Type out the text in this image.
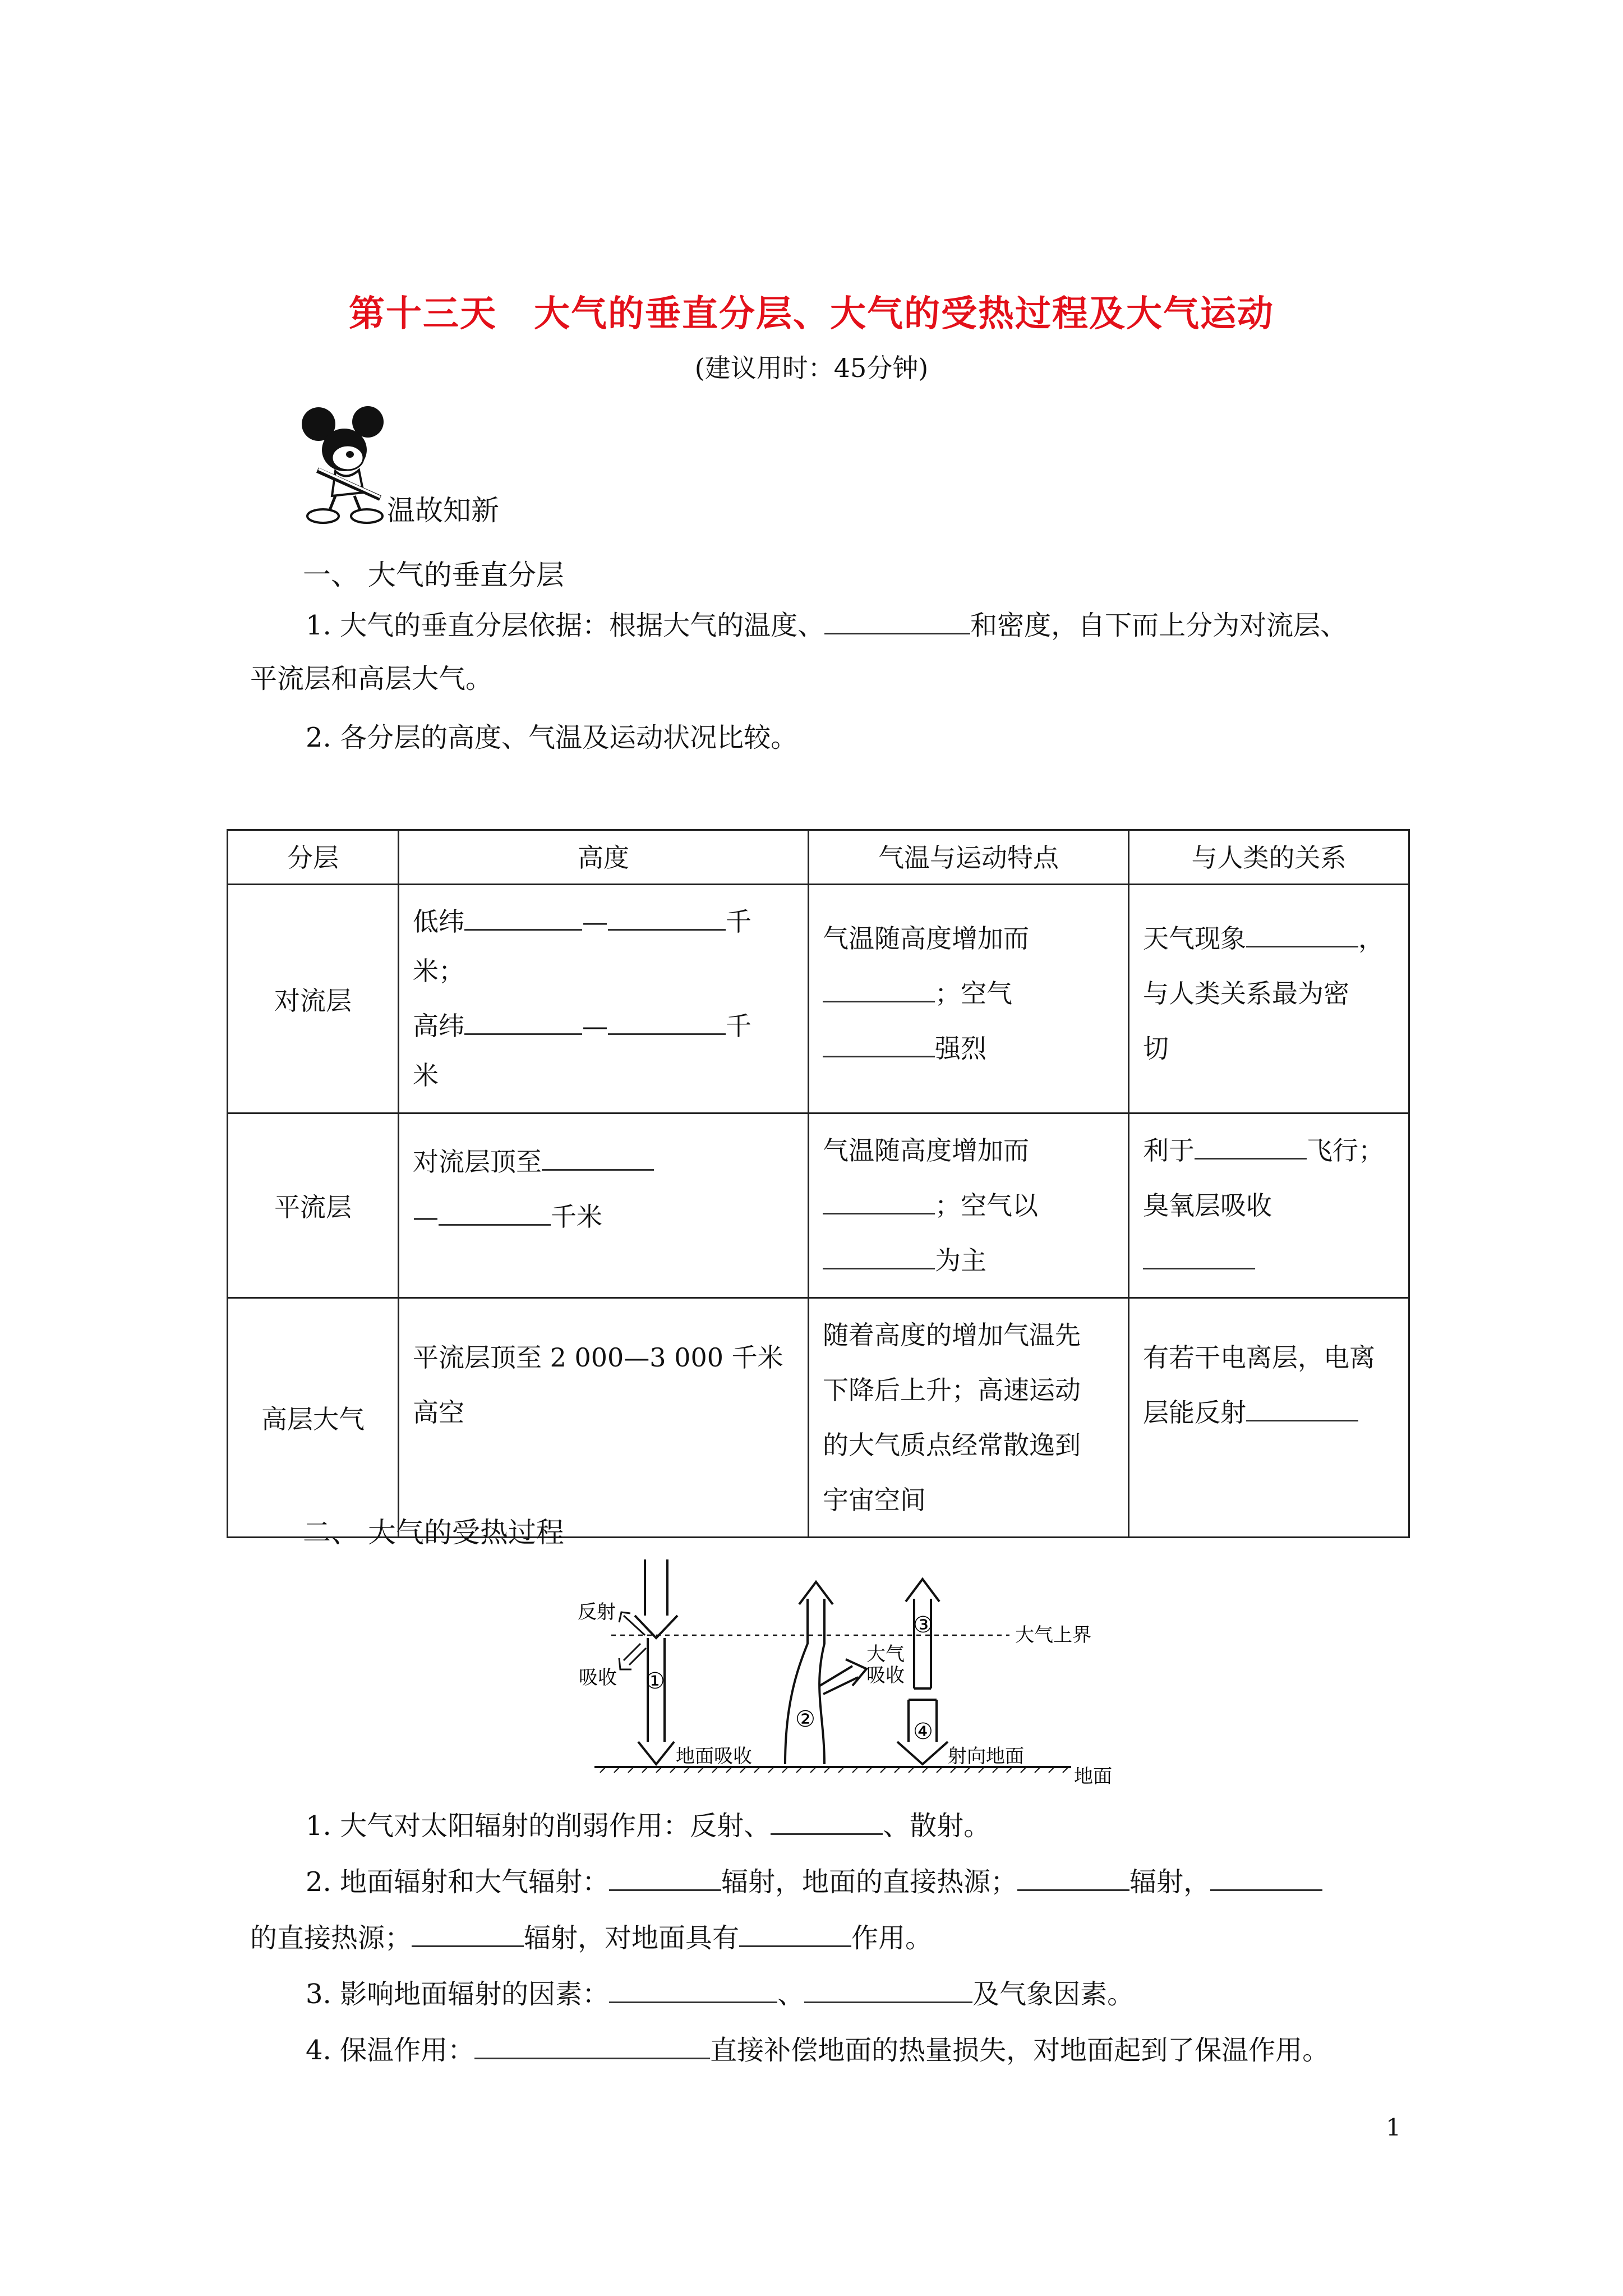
第十三天　大气的垂直分层、大气的受热过程及大气运动
(建议用时：45分钟)
温故知新
一、 大气的垂直分层
1. 大气的垂直分层依据：根据大气的温度、	和密度，自下而上分为对流层、
平流层和高层大气。
2. 各分层的高度、气温及运动状况比较。
分层	高度	气温与运动特点	与人类的关系
对流层	低纬 — 千
米；
高纬 — 千
米	气温随高度增加而
；空气
强烈	天气现象 ，
与人类关系最为密
切

平流层	对流层顶至
— 千米	气温随高度增加而
；空气以
为主	利于 飞行；
臭氧层吸收

高层大气	平流层顶至 2 000—3 000 千米
高空	随着高度的增加气温先
下降后上升；高速运动
的大气质点经常散逸到
宇宙空间	有若干电离层，电离
层能反射
二、 大气的受热过程
反射
吸收 ①
大气
吸收
②
③	大气上界
④
地面吸收	射向地面
地面
1. 大气对太阳辐射的削弱作用：反射、	、散射。
2. 地面辐射和大气辐射：	辐射，地面的直接热源；	辐射，
的直接热源；	辐射，对地面具有	作用。
3. 影响地面辐射的因素：	、	及气象因素。
4. 保温作用：	直接补偿地面的热量损失，对地面起到了保温作用。
1
